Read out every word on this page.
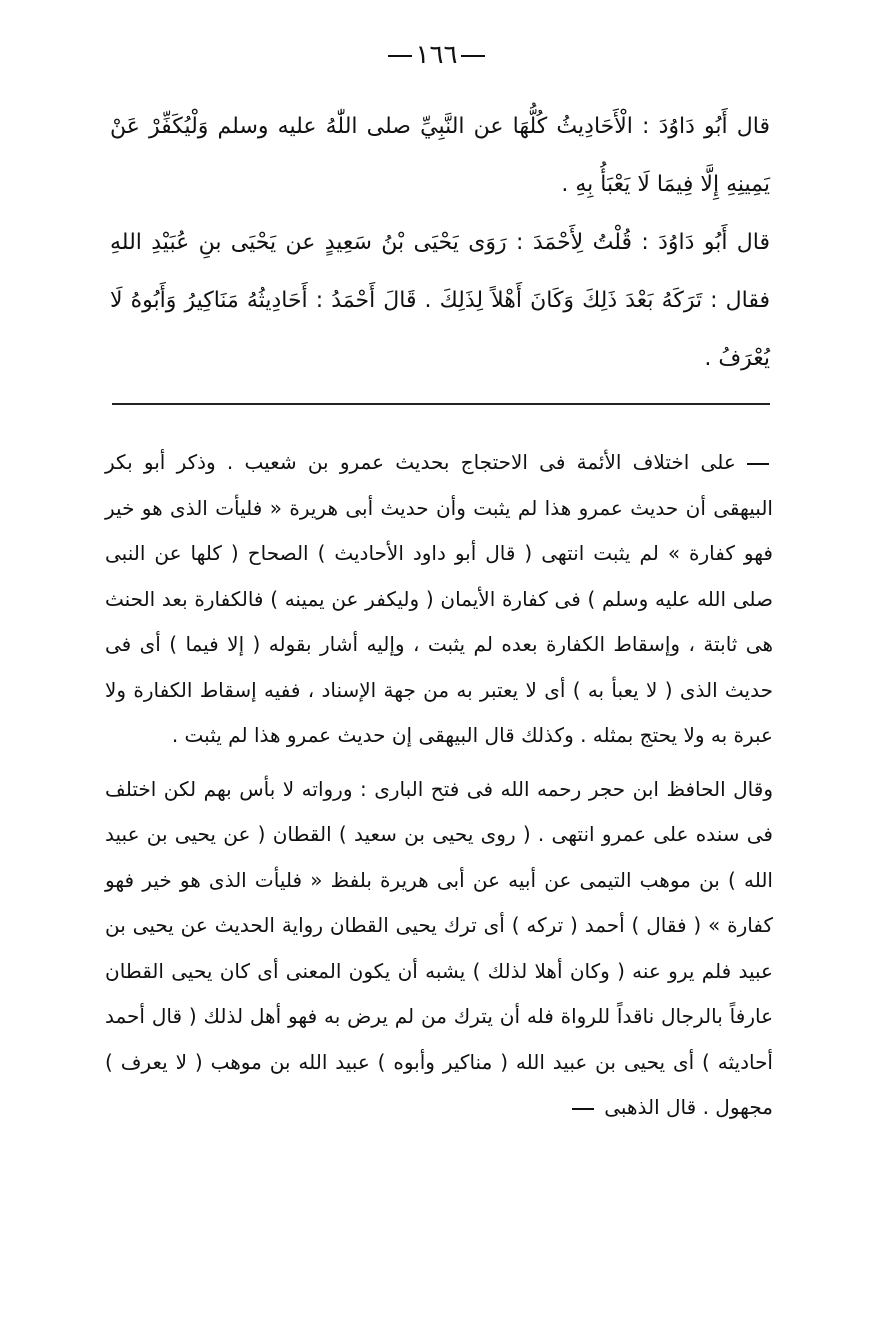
١٦٦

قال أَبُو دَاوُدَ : الْأَحَادِيثُ كُلُّهَا عن النَّبِيِّ صلى اللّٰهُ عليه وسلم وَلْيُكَفِّرْ عَنْ يَمِينِهِ إِلَّا فِيمَا لَا يَعْبَأُ بِهِ .

قال أَبُو دَاوُدَ : قُلْتُ لِأَحْمَدَ : رَوَى يَحْيَى بْنُ سَعِيدٍ عن يَحْيَى بنِ عُبَيْدِ اللهِ فقال : تَرَكَهُ بَعْدَ ذَلِكَ وَكَانَ أَهْلاً لِذَلِكَ . قَالَ أَحْمَدُ : أَحَادِيثُهُ مَنَاكِيرُ وَأَبُوهُ لَا يُعْرَفُ .

على اختلاف الأئمة فى الاحتجاج بحديث عمرو بن شعيب . وذكر أبو بكر البيهقى أن حديث عمرو هذا لم يثبت وأن حديث أبى هريرة « فليأت الذى هو خير فهو كفارة » لم يثبت انتهى ( قال أبو داود الأحاديث ) الصحاح ( كلها عن النبى صلى الله عليه وسلم ) فى كفارة الأيمان ( وليكفر عن يمينه ) فالكفارة بعد الحنث هى ثابتة ، وإسقاط الكفارة بعده لم يثبت ، وإليه أشار بقوله ( إلا فيما ) أى فى حديث الذى ( لا يعبأ به ) أى لا يعتبر به من جهة الإسناد ، ففيه إسقاط الكفارة ولا عبرة به ولا يحتج بمثله . وكذلك قال البيهقى إن حديث عمرو هذا لم يثبت .

وقال الحافظ ابن حجر رحمه الله فى فتح البارى : ورواته لا بأس بهم لكن اختلف فى سنده على عمرو انتهى . ( روى يحيى بن سعيد ) القطان ( عن يحيى بن عبيد الله ) بن موهب التيمى عن أبيه عن أبى هريرة بلفظ « فليأت الذى هو خير فهو كفارة » ( فقال ) أحمد ( تركه ) أى ترك يحيى القطان رواية الحديث عن يحيى بن عبيد فلم يرو عنه ( وكان أهلا لذلك ) يشبه أن يكون المعنى أى كان يحيى القطان عارفاً بالرجال ناقداً للرواة فله أن يترك من لم يرض به فهو أهل لذلك ( قال أحمد أحاديثه ) أى يحيى بن عبيد الله ( مناكير وأبوه ) عبيد الله بن موهب ( لا يعرف ) مجهول . قال الذهبى
